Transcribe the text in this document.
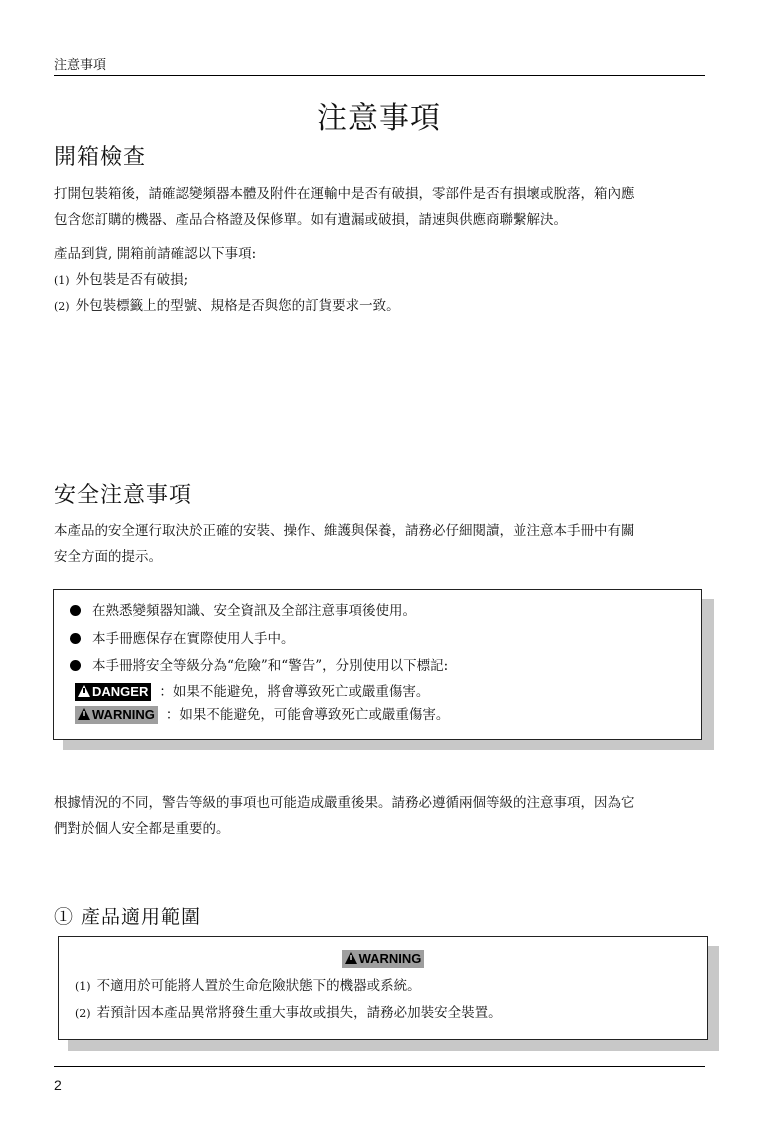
注意事項
注意事項
開箱檢查
打開包裝箱後，請確認變頻器本體及附件在運輸中是否有破損，零部件是否有損壞或脫落，箱內應
包含您訂購的機器、產品合格證及保修單。如有遺漏或破損，請速與供應商聯繫解決。
產品到貨, 開箱前請確認以下事項:
(1) 外包裝是否有破損;
(2) 外包裝標籤上的型號、規格是否與您的訂貨要求一致。
安全注意事項
本產品的安全運行取決於正確的安裝、操作、維護與保養，請務必仔細閱讀，並注意本手冊中有關
安全方面的提示。
在熟悉變頻器知識、安全資訊及全部注意事項後使用。
本手冊應保存在實際使用人手中。
本手冊將安全等級分為“危險”和“警告”，分別使用以下標記:
DANGER ：如果不能避免，將會導致死亡或嚴重傷害。
WARNING ：如果不能避免，可能會導致死亡或嚴重傷害。
根據情況的不同，警告等級的事項也可能造成嚴重後果。請務必遵循兩個等級的注意事項，因為它
們對於個人安全都是重要的。
① 產品適用範圍
WARNING
(1) 不適用於可能將人置於生命危險狀態下的機器或系統。
(2) 若預計因本產品異常將發生重大事故或損失，請務必加裝安全裝置。
2
